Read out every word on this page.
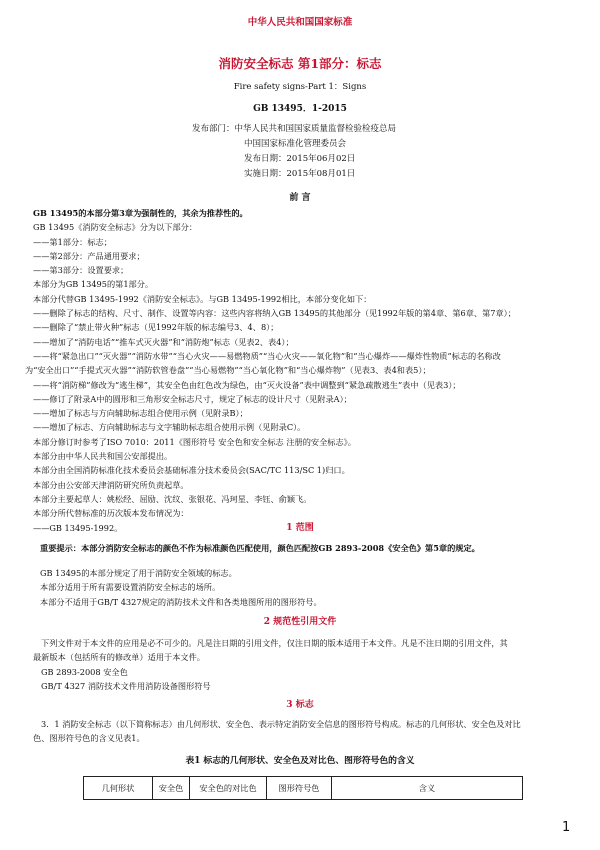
中华人民共和国国家标准
消防安全标志 第1部分：标志
Fire safety signs-Part 1：Signs
GB 13495．1-2015
发布部门：中华人民共和国国家质量监督检验检疫总局
中国国家标准化管理委员会
发布日期：2015年06月02日
实施日期：2015年08月01日
前 言
GB 13495的本部分第3章为强制性的，其余为推荐性的。
GB 13495《消防安全标志》分为以下部分：
——第1部分：标志；
——第2部分：产品通用要求；
——第3部分：设置要求；
本部分为GB 13495的第1部分。
本部分代替GB 13495-1992《消防安全标志》。与GB 13495-1992相比，本部分变化如下：
——删除了标志的结构、尺寸、制作、设置等内容：这些内容将纳入GB 13495的其他部分（见1992年版的第4章、第6章、第7章）；
——删除了“禁止带火种”标志（见1992年版的标志编号3、4、8）；
——增加了“消防电话”“推车式灭火器”和“消防炮”标志（见表2、表4）；
——将“紧急出口”“灭火器”“消防水带”“当心火灾——易燃物质”“当心火灾——氧化物”和“当心爆炸——爆炸性物质”标志的名称改
为“安全出口”“手提式灭火器”“消防软管卷盘”“当心易燃物”“当心氧化物”和“当心爆炸物”（见表3、表4和表5）；
——将“消防梯”修改为“逃生梯”，其安全色由红色改为绿色，由“灭火设备”表中调整到“紧急疏散逃生”表中（见表3）；
——修订了附录A中的圆形和三角形安全标志尺寸，规定了标志的设计尺寸（见附录A）；
——增加了标志与方向辅助标志组合使用示例（见附录B）；
——增加了标志、方向辅助标志与文字辅助标志组合使用示例（见附录C）。
本部分修订时参考了ISO 7010：2011《图形符号 安全色和安全标志 注册的安全标志》。
本部分由中华人民共和国公安部提出。
本部分由全国消防标准化技术委员会基础标准分技术委员会(SAC/TC 113/SC 1)归口。
本部分由公安部天津消防研究所负责起草。
本部分主要起草人：姚松经、屈励、沈纹、张银花、冯珂星、李钰、俞颖飞。
本部分所代替标准的历次版本发布情况为：
——GB 13495-1992。	1 范围
重要提示：本部分消防安全标志的颜色不作为标准颜色匹配使用，颜色匹配按GB 2893-2008《安全色》第5章的规定。
GB 13495的本部分规定了用于消防安全领域的标志。
本部分适用于所有需要设置消防安全标志的场所。
本部分不适用于GB/T 4327规定的消防技术文件和各类地图所用的图形符号。
2 规范性引用文件
下列文件对于本文件的应用是必不可少的。凡是注日期的引用文件，仅注日期的版本适用于本文件。凡是不注日期的引用文件，其
最新版本（包括所有的修改单）适用于本文件。
GB 2893-2008 安全色
GB/T 4327 消防技术文件用消防设备图形符号
3 标志
3．1 消防安全标志（以下简称标志）由几何形状、安全色、表示特定消防安全信息的图形符号构成。标志的几何形状、安全色及对比
色、图形符号色的含义见表1。
表1 标志的几何形状、安全色及对比色、图形符号色的含义
几何形状	安全色	安全色的对比色	图形符号色	含义
1
